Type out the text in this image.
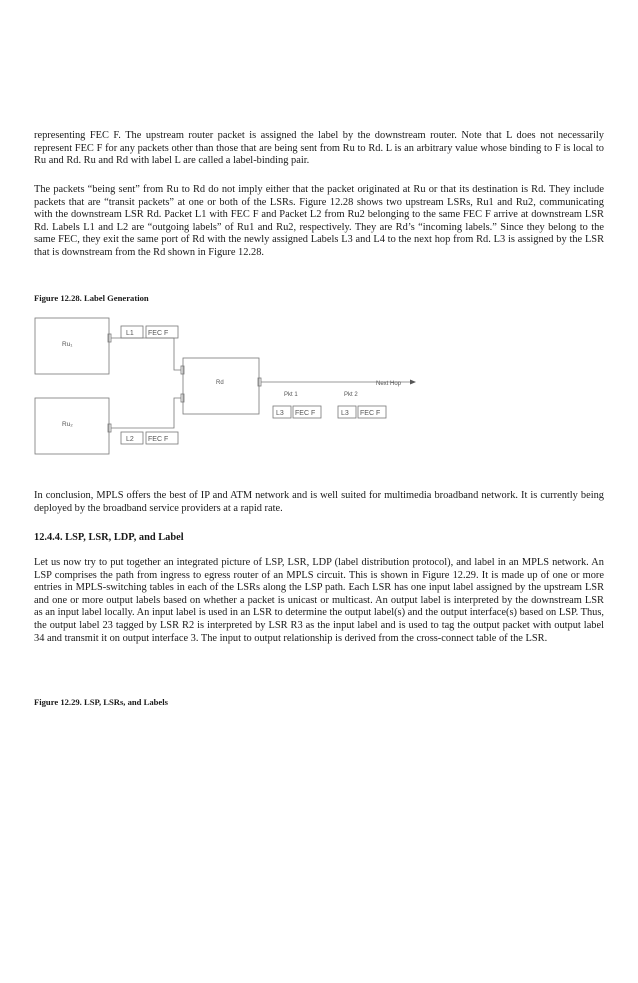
representing FEC F. The upstream router packet is assigned the label by the downstream router. Note that L does not necessarily represent FEC F for any packets other than those that are being sent from Ru to Rd. L is an arbitrary value whose binding to F is local to Ru and Rd. Ru and Rd with label L are called a label-binding pair.

The packets “being sent” from Ru to Rd do not imply either that the packet originated at Ru or that its destination is Rd. They include packets that are “transit packets” at one or both of the LSRs. Figure 12.28 shows two upstream LSRs, Ru1 and Ru2, communicating with the downstream LSR Rd. Packet L1 with FEC F and Packet L2 from Ru2 belonging to the same FEC F arrive at downstream LSR Rd. Labels L1 and L2 are “outgoing labels” of Ru1 and Ru2, respectively. They are Rd’s “incoming labels.” Since they belong to the same FEC, they exit the same port of Rd with the newly assigned Labels L3 and L4 to the next hop from Rd. L3 is assigned by the LSR that is downstream from the Rd shown in Figure 12.28.

Figure 12.28. Label Generation

Ru₁
Ru₂
Rd
L1 FEC F
L2 FEC F
Pkt 1	Pkt 2
Next Hop
L3 FEC F	L3 FEC F

In conclusion, MPLS offers the best of IP and ATM network and is well suited for multimedia broadband network. It is currently being deployed by the broadband service providers at a rapid rate.

12.4.4. LSP, LSR, LDP, and Label

Let us now try to put together an integrated picture of LSP, LSR, LDP (label distribution protocol), and label in an MPLS network. An LSP comprises the path from ingress to egress router of an MPLS circuit. This is shown in Figure 12.29. It is made up of one or more entries in MPLS-switching tables in each of the LSRs along the LSP path. Each LSR has one input label assigned by the upstream LSR and one or more output labels based on whether a packet is unicast or multicast. An output label is interpreted by the downstream LSR as an input label locally. An input label is used in an LSR to determine the output label(s) and the output interface(s) based on LSP. Thus, the output label 23 tagged by LSR R2 is interpreted by LSR R3 as the input label and is used to tag the output packet with output label 34 and transmit it on output interface 3. The input to output relationship is derived from the cross-connect table of the LSR.

Figure 12.29. LSP, LSRs, and Labels
